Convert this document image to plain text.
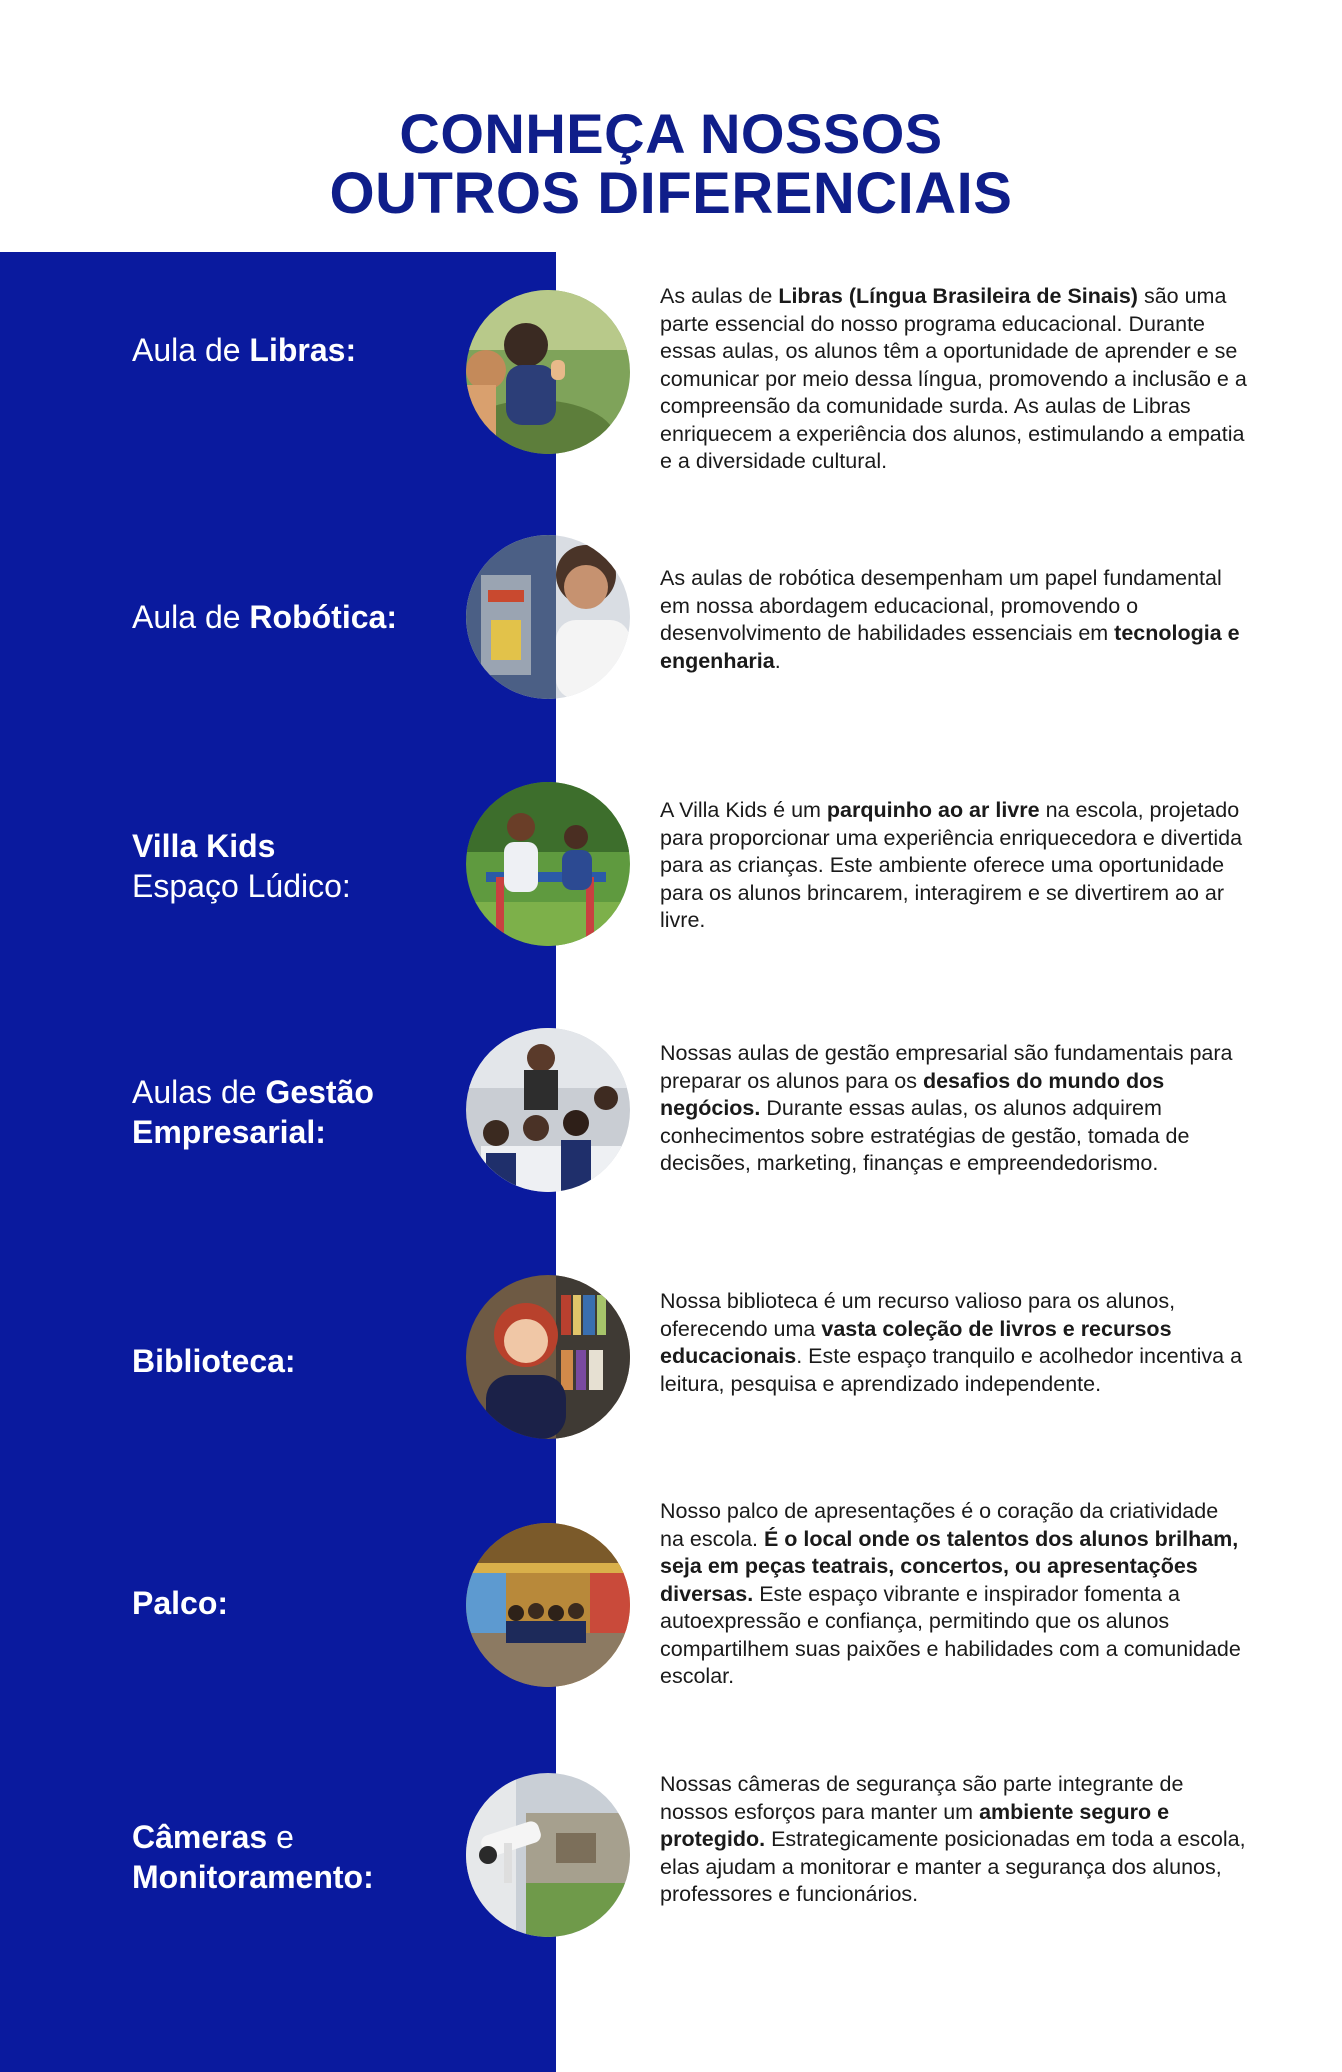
CONHEÇA NOSSOS
OUTROS DIFERENCIAIS
Aula de Libras:
As aulas de Libras (Língua Brasileira de Sinais) são uma parte essencial do nosso programa educacional. Durante essas aulas, os alunos têm a oportunidade de aprender e se comunicar por meio dessa língua, promovendo a inclusão e a compreensão da comunidade surda. As aulas de Libras enriquecem a experiência dos alunos, estimulando a empatia e a diversidade cultural.
Aula de Robótica:
As aulas de robótica desempenham um papel fundamental em nossa abordagem educacional, promovendo o desenvolvimento de habilidades essenciais em tecnologia e engenharia.
Villa Kids
Espaço Lúdico:
A Villa Kids é um parquinho ao ar livre na escola, projetado para proporcionar uma experiência enriquecedora e divertida para as crianças. Este ambiente oferece uma oportunidade para os alunos brincarem, interagirem e se divertirem ao ar livre.
Aulas de Gestão Empresarial:
Nossas aulas de gestão empresarial são fundamentais para preparar os alunos para os desafios do mundo dos negócios. Durante essas aulas, os alunos adquirem conhecimentos sobre estratégias de gestão, tomada de decisões, marketing, finanças e empreendedorismo.
Biblioteca:
Nossa biblioteca é um recurso valioso para os alunos, oferecendo uma vasta coleção de livros e recursos educacionais. Este espaço tranquilo e acolhedor incentiva a leitura, pesquisa e aprendizado independente.
Palco:
Nosso palco de apresentações é o coração da criatividade na escola. É o local onde os talentos dos alunos brilham, seja em peças teatrais, concertos, ou apresentações diversas. Este espaço vibrante e inspirador fomenta a autoexpressão e confiança, permitindo que os alunos compartilhem suas paixões e habilidades com a comunidade escolar.
Câmeras e
Monitoramento:
Nossas câmeras de segurança são parte integrante de nossos esforços para manter um ambiente seguro e protegido. Estrategicamente posicionadas em toda a escola, elas ajudam a monitorar e manter a segurança dos alunos, professores e funcionários.
